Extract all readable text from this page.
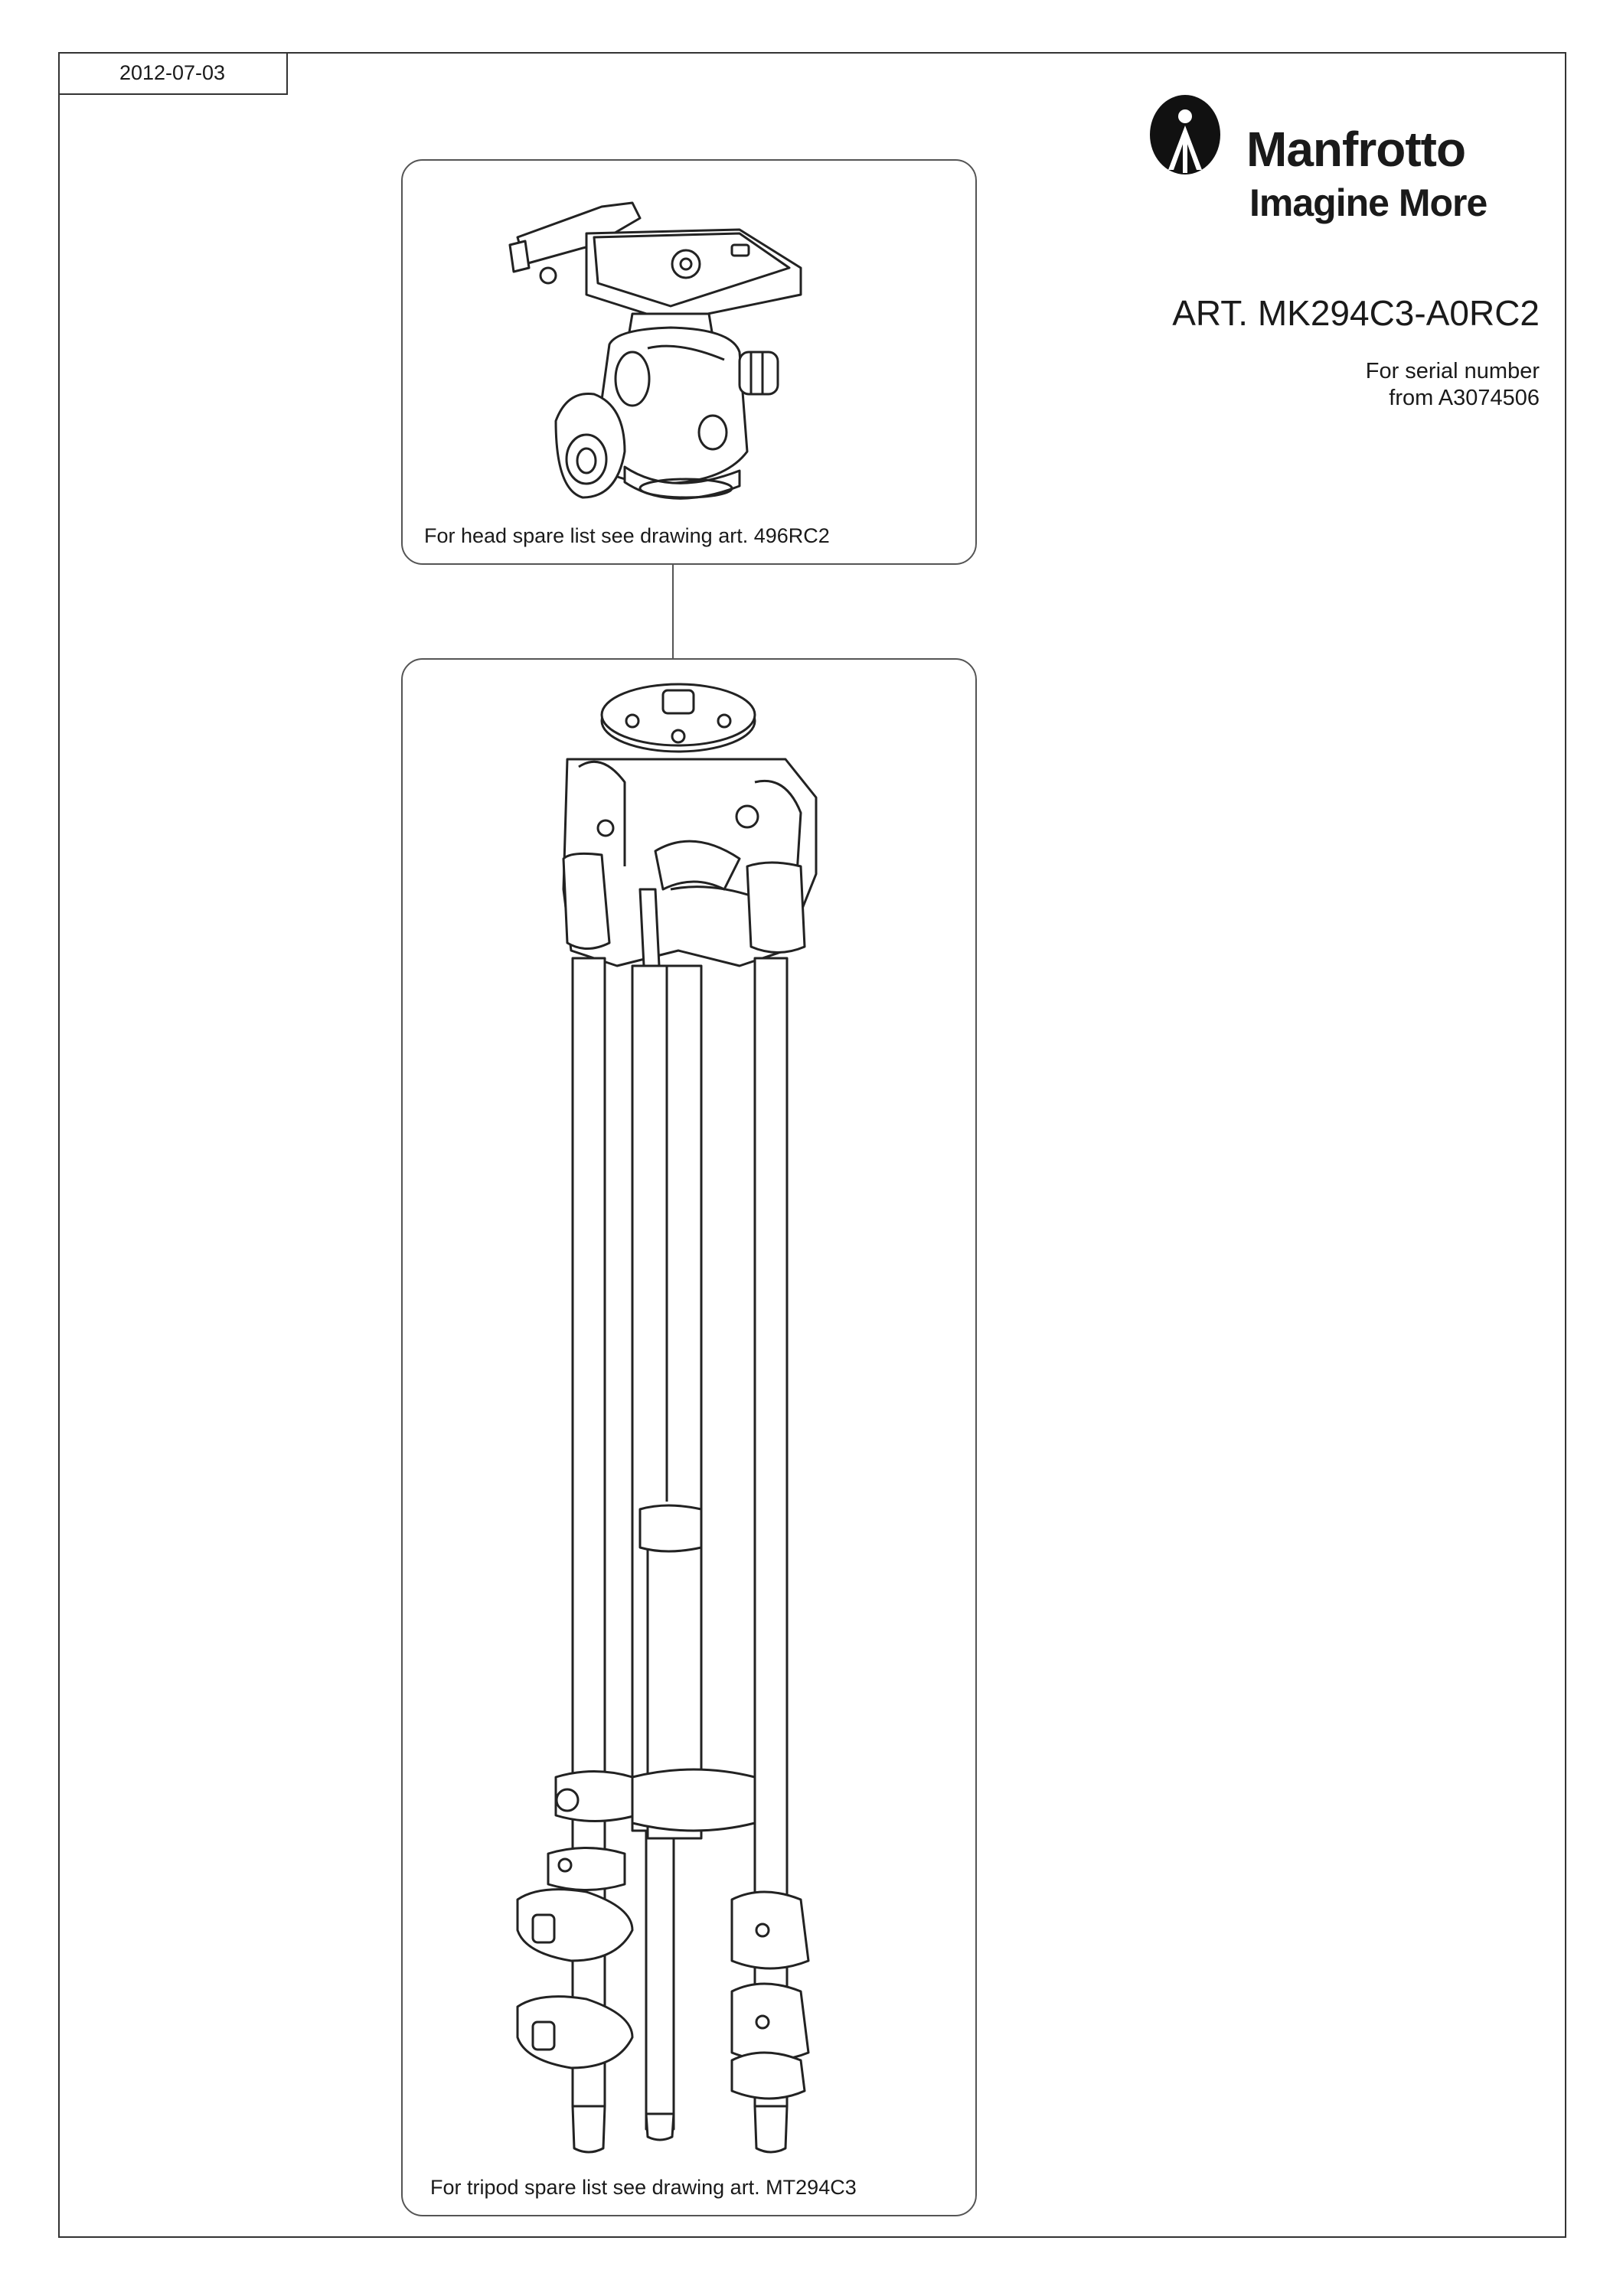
2012-07-03
Manfrotto
Imagine More
ART. MK294C3-A0RC2
For serial number
from A3074506
For head spare list see drawing art. 496RC2
For tripod spare list see drawing art. MT294C3
